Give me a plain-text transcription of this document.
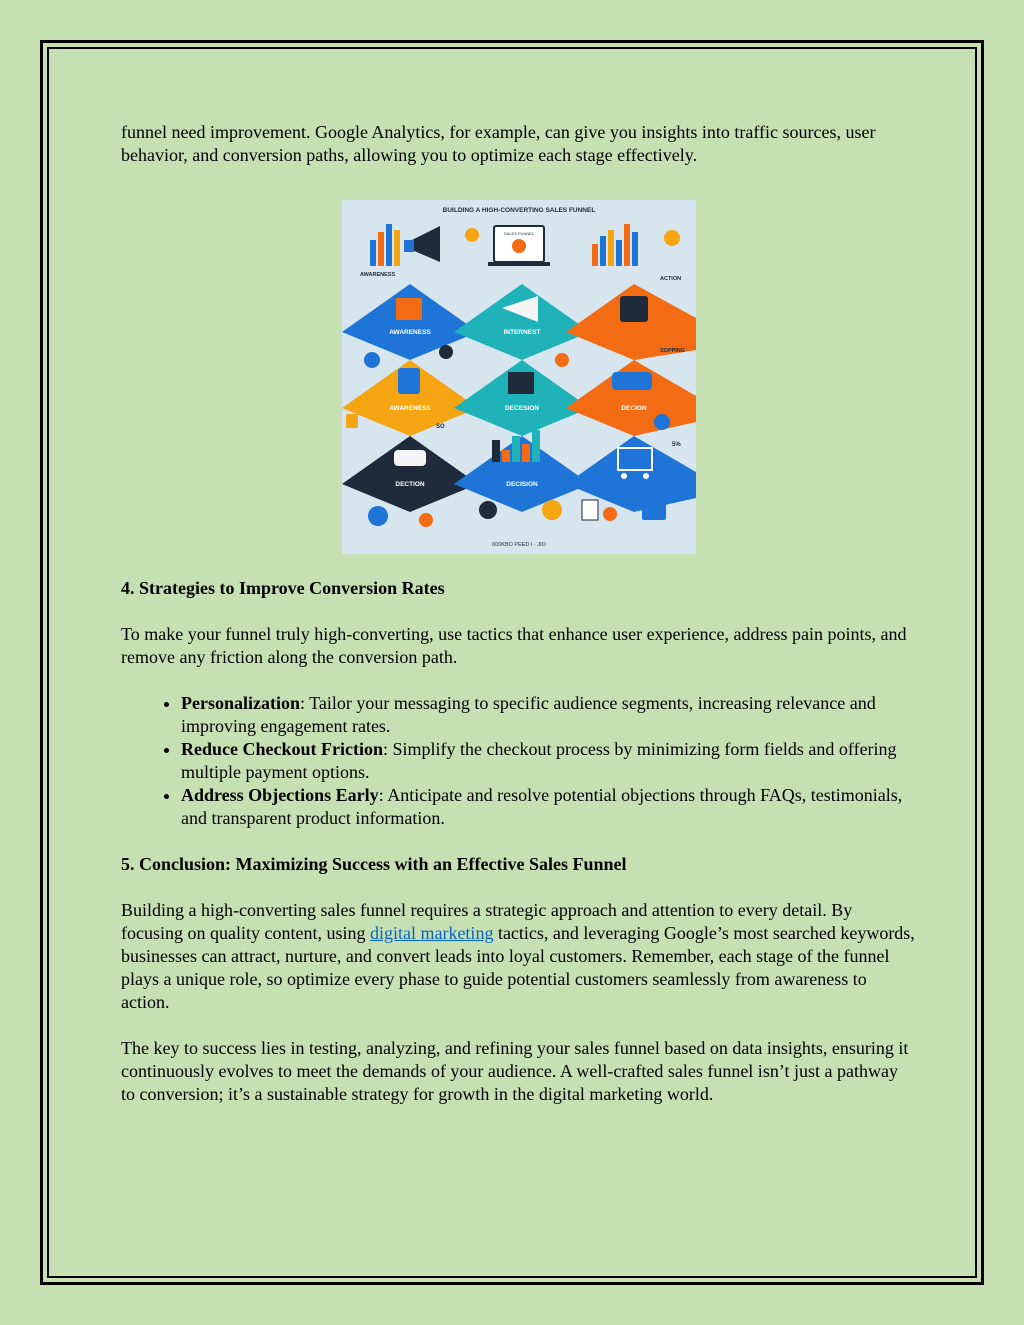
funnel need improvement. Google Analytics, for example, can give you insights into traffic sources, user behavior, and conversion paths, allowing you to optimize each stage effectively.

BUILDING A HIGH-CONVERTING SALES FUNNEL
SALES FUNNEL
AWARENESS
ACTION
AWARENESS	INTERNEST
SOPPING
AWARENESS	DECESION	DECION
SO
5%
DECTION	DECISION
600KBO PEED I · JIO
4. Strategies to Improve Conversion Rates

To make your funnel truly high-converting, use tactics that enhance user experience, address pain points, and remove any friction along the conversion path.

• Personalization: Tailor your messaging to specific audience segments, increasing relevance and improving engagement rates.
• Reduce Checkout Friction: Simplify the checkout process by minimizing form fields and offering multiple payment options.
• Address Objections Early: Anticipate and resolve potential objections through FAQs, testimonials, and transparent product information.
5. Conclusion: Maximizing Success with an Effective Sales Funnel

Building a high-converting sales funnel requires a strategic approach and attention to every detail. By focusing on quality content, using digital marketing tactics, and leveraging Google’s most searched keywords, businesses can attract, nurture, and convert leads into loyal customers. Remember, each stage of the funnel plays a unique role, so optimize every phase to guide potential customers seamlessly from awareness to action.

The key to success lies in testing, analyzing, and refining your sales funnel based on data insights, ensuring it continuously evolves to meet the demands of your audience. A well-crafted sales funnel isn’t just a pathway to conversion; it’s a sustainable strategy for growth in the digital marketing world.
